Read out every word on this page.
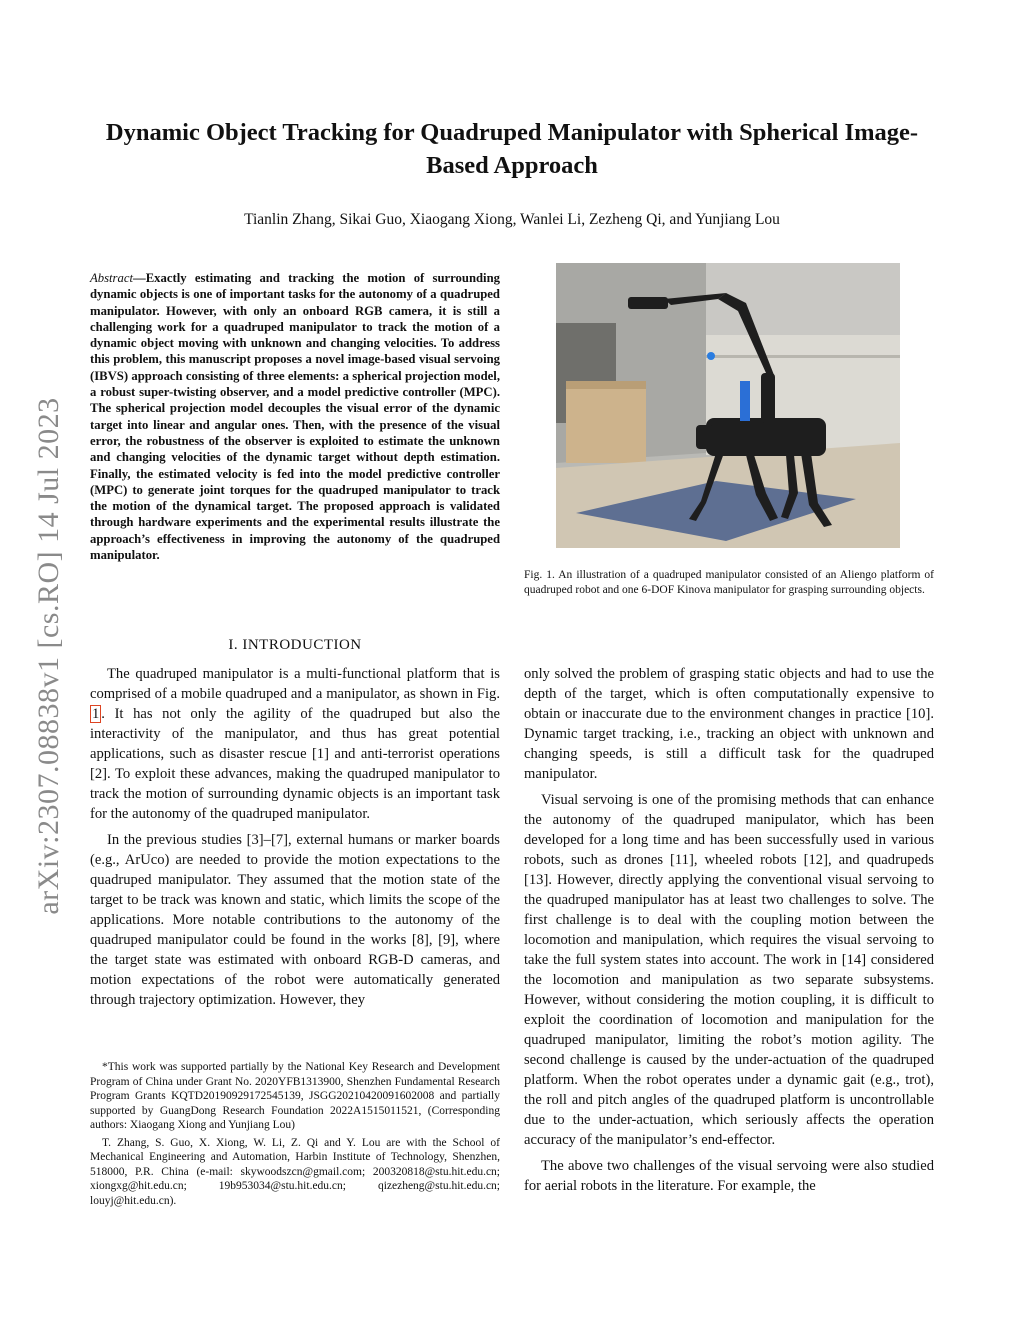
arXiv:2307.08838v1 [cs.RO] 14 Jul 2023
Dynamic Object Tracking for Quadruped Manipulator with Spherical Image-Based Approach
Tianlin Zhang, Sikai Guo, Xiaogang Xiong, Wanlei Li, Zezheng Qi, and Yunjiang Lou
Abstract—Exactly estimating and tracking the motion of surrounding dynamic objects is one of important tasks for the autonomy of a quadruped manipulator. However, with only an onboard RGB camera, it is still a challenging work for a quadruped manipulator to track the motion of a dynamic object moving with unknown and changing velocities. To address this problem, this manuscript proposes a novel image-based visual servoing (IBVS) approach consisting of three elements: a spherical projection model, a robust super-twisting observer, and a model predictive controller (MPC). The spherical projection model decouples the visual error of the dynamic target into linear and angular ones. Then, with the presence of the visual error, the robustness of the observer is exploited to estimate the unknown and changing velocities of the dynamic target without depth estimation. Finally, the estimated velocity is fed into the model predictive controller (MPC) to generate joint torques for the quadruped manipulator to track the motion of the dynamical target. The proposed approach is validated through hardware experiments and the experimental results illustrate the approach’s effectiveness in improving the autonomy of the quadruped manipulator.
I. INTRODUCTION

The quadruped manipulator is a multi-functional platform that is comprised of a mobile quadruped and a manipulator, as shown in Fig. 1 . It has not only the agility of the quadruped but also the interactivity of the manipulator, and thus has great potential applications, such as disaster rescue [1] and anti-terrorist operations [2]. To exploit these advances, making the quadruped manipulator to track the motion of surrounding dynamic objects is an important task for the autonomy of the quadruped manipulator.

In the previous studies [3]–[7], external humans or marker boards (e.g., ArUco) are needed to provide the motion expectations to the quadruped manipulator. They assumed that the motion state of the target to be track was known and static, which limits the scope of the applications. More notable contributions to the autonomy of the quadruped manipulator could be found in the works [8], [9], where the target state was estimated with onboard RGB-D cameras, and motion expectations of the robot were automatically generated through trajectory optimization. However, they

*This work was supported partially by the National Key Research and Development Program of China under Grant No. 2020YFB1313900, Shenzhen Fundamental Research Program Grants KQTD20190929172545139, JSGG20210420091602008 and partially supported by GuangDong Research Foundation 2022A1515011521, (Corresponding authors: Xiaogang Xiong and Yunjiang Lou)

T. Zhang, S. Guo, X. Xiong, W. Li, Z. Qi and Y. Lou are with the School of Mechanical Engineering and Automation, Harbin Institute of Technology, Shenzhen, 518000, P.R. China (e-mail: skywoodszcn@gmail.com; 200320818@stu.hit.edu.cn; xiongxg@hit.edu.cn; 19b953034@stu.hit.edu.cn; qizezheng@stu.hit.edu.cn; louyj@hit.edu.cn).

Fig. 1. An illustration of a quadruped manipulator consisted of an Aliengo platform of quadruped robot and one 6-DOF Kinova manipulator for grasping surrounding objects.

only solved the problem of grasping static objects and had to use the depth of the target, which is often computationally expensive to obtain or inaccurate due to the environment changes in practice [10]. Dynamic target tracking, i.e., tracking an object with unknown and changing speeds, is still a difficult task for the quadruped manipulator.

Visual servoing is one of the promising methods that can enhance the autonomy of the quadruped manipulator, which has been developed for a long time and has been successfully used in various robots, such as drones [11], wheeled robots [12], and quadrupeds [13]. However, directly applying the conventional visual servoing to the quadruped manipulator has at least two challenges to solve. The first challenge is to deal with the coupling motion between the locomotion and manipulation, which requires the visual servoing to take the full system states into account. The work in [14] considered the locomotion and manipulation as two separate subsystems. However, without considering the motion coupling, it is difficult to exploit the coordination of locomotion and manipulation for the quadruped manipulator, limiting the robot’s motion agility. The second challenge is caused by the under-actuation of the quadruped platform. When the robot operates under a dynamic gait (e.g., trot), the roll and pitch angles of the quadruped platform is uncontrollable due to the under-actuation, which seriously affects the operation accuracy of the manipulator’s end-effector.

The above two challenges of the visual servoing were also studied for aerial robots in the literature. For example, the
